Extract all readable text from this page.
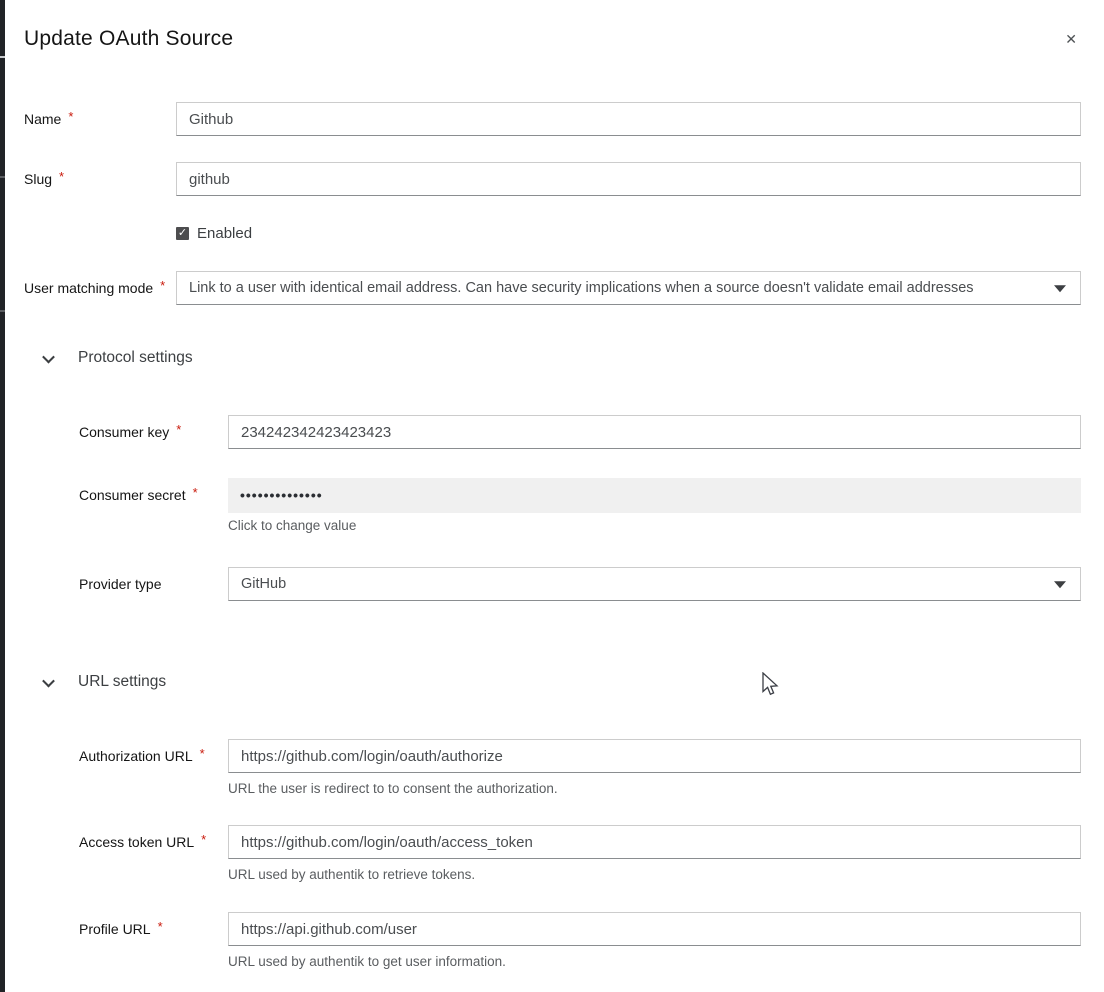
Update OAuth Source	✕
Name *
Github
Slug *
github
✓ Enabled
User matching mode * Link to a user with identical email address. Can have security implications when a source doesn't validate email addresses
Protocol settings
Consumer key *
234242342423423423
Consumer secret *	••••••••••••••
Click to change value
Provider type	GitHub
URL settings
Authorization URL *
https://github.com/login/oauth/authorize
URL the user is redirect to to consent the authorization.
Access token URL *
https://github.com/login/oauth/access_token
URL used by authentik to retrieve tokens.
Profile URL *
https://api.github.com/user
URL used by authentik to get user information.
